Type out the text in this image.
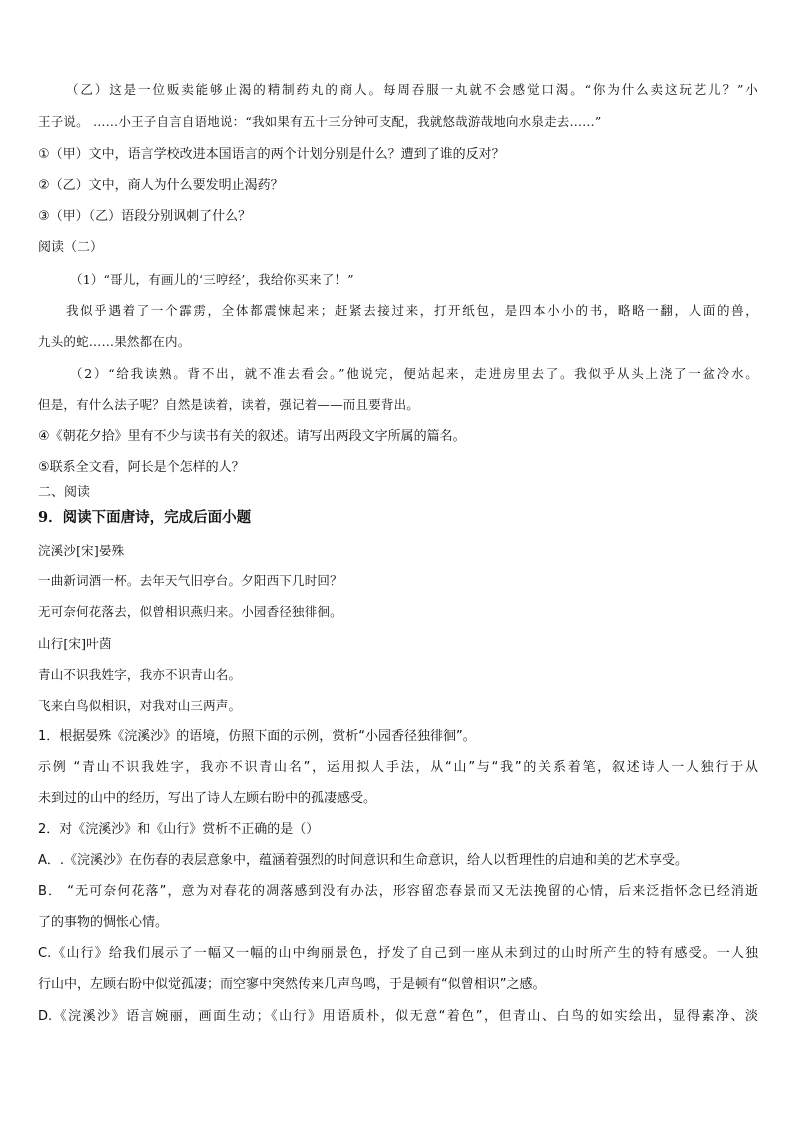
（乙）这是一位贩卖能够止渴的精制药丸的商人。每周吞服一丸就不会感觉口渴。“你为什么卖这玩艺儿？”小
王子说。 ……小王子自言自语地说：“我如果有五十三分钟可支配，我就悠哉游哉地向水泉走去……”
①（甲）文中，语言学校改进本国语言的两个计划分别是什么？遭到了谁的反对？
②（乙）文中，商人为什么要发明止渴药？
③（甲）（乙）语段分别讽刺了什么？
阅读（二）
（1）“哥儿，有画儿的‘三哼经’，我给你买来了！”
我似乎遇着了一个霹雳，全体都震悚起来；赶紧去接过来，打开纸包，是四本小小的书，略略一翻，人面的兽，
九头的蛇……果然都在内。
（2）“给我读熟。背不出，就不准去看会。”他说完，便站起来，走进房里去了。我似乎从头上浇了一盆冷水。
但是，有什么法子呢？自然是读着，读着，强记着——而且要背出。
④《朝花夕拾》里有不少与读书有关的叙述。请写出两段文字所属的篇名。
⑤联系全文看，阿长是个怎样的人？
二、阅读
9．阅读下面唐诗，完成后面小题
浣溪沙[宋]晏殊
一曲新词酒一杯。去年天气旧亭台。夕阳西下几时回？
无可奈何花落去，似曾相识燕归来。小园香径独徘徊。
山行[宋]叶茵
青山不识我姓字，我亦不识青山名。
飞来白鸟似相识，对我对山三两声。
1．根据晏殊《浣溪沙》的语境，仿照下面的示例，赏析“小园香径独徘徊”。
示例 “青山不识我姓字，我亦不识青山名”，运用拟人手法，从“山”与“我”的关系着笔，叙述诗人一人独行于从
未到过的山中的经历，写出了诗人左顾右盼中的孤凄感受。
2．对《浣溪沙》和《山行》赏析不正确的是（）
A．.《浣溪沙》在伤春的表层意象中，蕴涵着强烈的时间意识和生命意识，给人以哲理性的启迪和美的艺术享受。
B． “无可奈何花落”，意为对春花的凋落感到没有办法，形容留恋春景而又无法挽留的心情，后来泛指怀念已经消逝
了的事物的惆怅心情。
C.《山行》给我们展示了一幅又一幅的山中绚丽景色，抒发了自己到一座从未到过的山时所产生的特有感受。一人独
行山中，左顾右盼中似觉孤凄；而空寥中突然传来几声鸟鸣，于是顿有“似曾相识”之感。
D.《浣溪沙》语言婉丽，画面生动；《山行》用语质朴，似无意“着色”，但青山、白鸟的如实绘出，显得素净、淡
